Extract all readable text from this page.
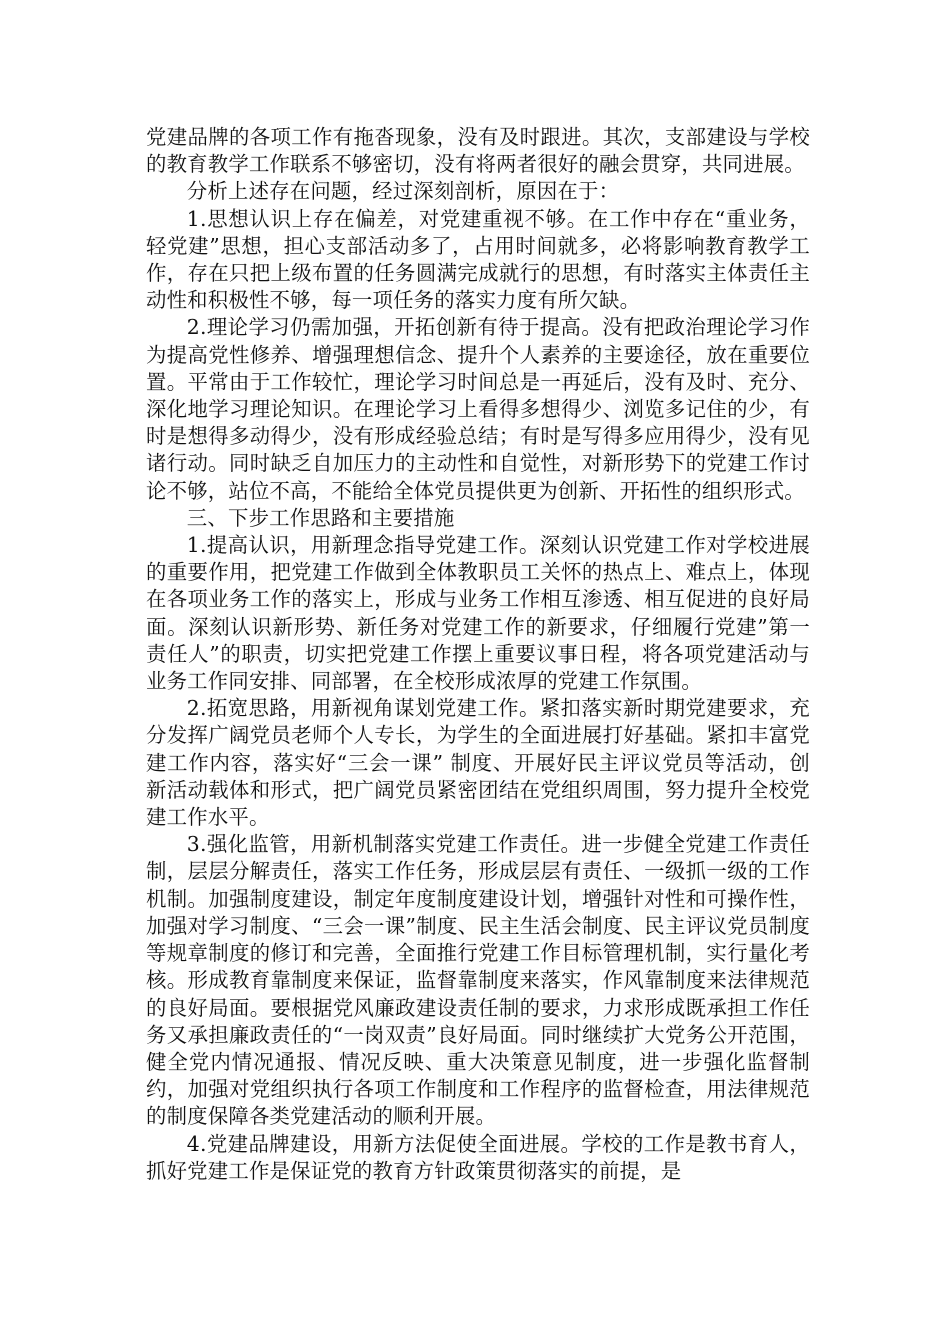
党建品牌的各项工作有拖沓现象，没有及时跟进。其次，支部建设与学校的教育教学工作联系不够密切，没有将两者很好的融会贯穿，共同进展。

分析上述存在问题，经过深刻剖析，原因在于：

1.思想认识上存在偏差，对党建重视不够。在工作中存在“重业务，轻党建”思想，担心支部活动多了，占用时间就多，必将影响教育教学工作，存在只把上级布置的任务圆满完成就行的思想，有时落实主体责任主动性和积极性不够，每一项任务的落实力度有所欠缺。

2.理论学习仍需加强，开拓创新有待于提高。没有把政治理论学习作为提高党性修养、增强理想信念、提升个人素养的主要途径，放在重要位置。平常由于工作较忙，理论学习时间总是一再延后，没有及时、充分、深化地学习理论知识。在理论学习上看得多想得少、浏览多记住的少，有时是想得多动得少，没有形成经验总结；有时是写得多应用得少，没有见诸行动。同时缺乏自加压力的主动性和自觉性，对新形势下的党建工作讨论不够，站位不高，不能给全体党员提供更为创新、开拓性的组织形式。

三、下步工作思路和主要措施

1.提高认识，用新理念指导党建工作。深刻认识党建工作对学校进展的重要作用，把党建工作做到全体教职员工关怀的热点上、难点上，体现在各项业务工作的落实上，形成与业务工作相互渗透、相互促进的良好局面。深刻认识新形势、新任务对党建工作的新要求，仔细履行党建”第一责任人”的职责，切实把党建工作摆上重要议事日程，将各项党建活动与业务工作同安排、同部署，在全校形成浓厚的党建工作氛围。

2.拓宽思路，用新视角谋划党建工作。紧扣落实新时期党建要求，充分发挥广阔党员老师个人专长，为学生的全面进展打好基础。紧扣丰富党建工作内容，落实好“三会一课” 制度、开展好民主评议党员等活动，创新活动载体和形式，把广阔党员紧密团结在党组织周围，努力提升全校党建工作水平。

3.强化监管，用新机制落实党建工作责任。进一步健全党建工作责任制，层层分解责任，落实工作任务，形成层层有责任、一级抓一级的工作机制。加强制度建设，制定年度制度建设计划，增强针对性和可操作性，加强对学习制度、“三会一课”制度、民主生活会制度、民主评议党员制度等规章制度的修订和完善，全面推行党建工作目标管理机制，实行量化考核。形成教育靠制度来保证，监督靠制度来落实，作风靠制度来法律规范的良好局面。要根据党风廉政建设责任制的要求，力求形成既承担工作任务又承担廉政责任的“一岗双责”良好局面。同时继续扩大党务公开范围，健全党内情况通报、情况反映、重大决策意见制度，进一步强化监督制约，加强对党组织执行各项工作制度和工作程序的监督检查，用法律规范的制度保障各类党建活动的顺利开展。

4.党建品牌建设，用新方法促使全面进展。学校的工作是教书育人，抓好党建工作是保证党的教育方针政策贯彻落实的前提，是
